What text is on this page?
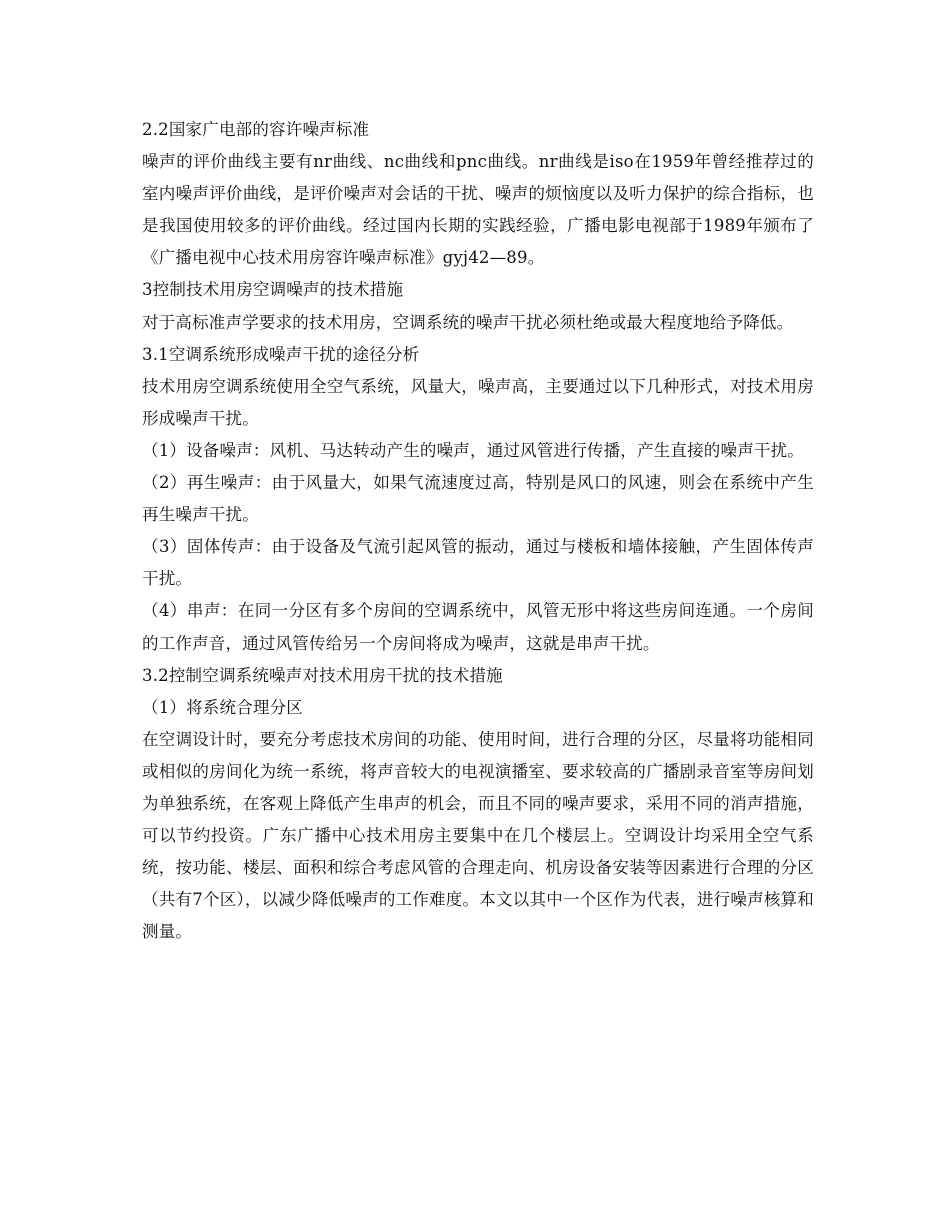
2.2国家广电部的容许噪声标准

噪声的评价曲线主要有nr曲线、nc曲线和pnc曲线。nr曲线是iso在1959年曾经推荐过的室内噪声评价曲线，是评价噪声对会话的干扰、噪声的烦恼度以及听力保护的综合指标，也是我国使用较多的评价曲线。经过国内长期的实践经验，广播电影电视部于1989年颁布了《广播电视中心技术用房容许噪声标准》gyj42—89。

3控制技术用房空调噪声的技术措施

对于高标准声学要求的技术用房，空调系统的噪声干扰必须杜绝或最大程度地给予降低。

3.1空调系统形成噪声干扰的途径分析

技术用房空调系统使用全空气系统，风量大，噪声高，主要通过以下几种形式，对技术用房形成噪声干扰。

（1）设备噪声：风机、马达转动产生的噪声，通过风管进行传播，产生直接的噪声干扰。

（2）再生噪声：由于风量大，如果气流速度过高，特别是风口的风速，则会在系统中产生再生噪声干扰。

（3）固体传声：由于设备及气流引起风管的振动，通过与楼板和墙体接触，产生固体传声干扰。

（4）串声：在同一分区有多个房间的空调系统中，风管无形中将这些房间连通。一个房间的工作声音，通过风管传给另一个房间将成为噪声，这就是串声干扰。

3.2控制空调系统噪声对技术用房干扰的技术措施

（1）将系统合理分区

在空调设计时，要充分考虑技术房间的功能、使用时间，进行合理的分区，尽量将功能相同或相似的房间化为统一系统，将声音较大的电视演播室、要求较高的广播剧录音室等房间划为单独系统，在客观上降低产生串声的机会，而且不同的噪声要求，采用不同的消声措施，可以节约投资。广东广播中心技术用房主要集中在几个楼层上。空调设计均采用全空气系统，按功能、楼层、面积和综合考虑风管的合理走向、机房设备安装等因素进行合理的分区（共有7个区），以减少降低噪声的工作难度。本文以其中一个区作为代表，进行噪声核算和测量。
